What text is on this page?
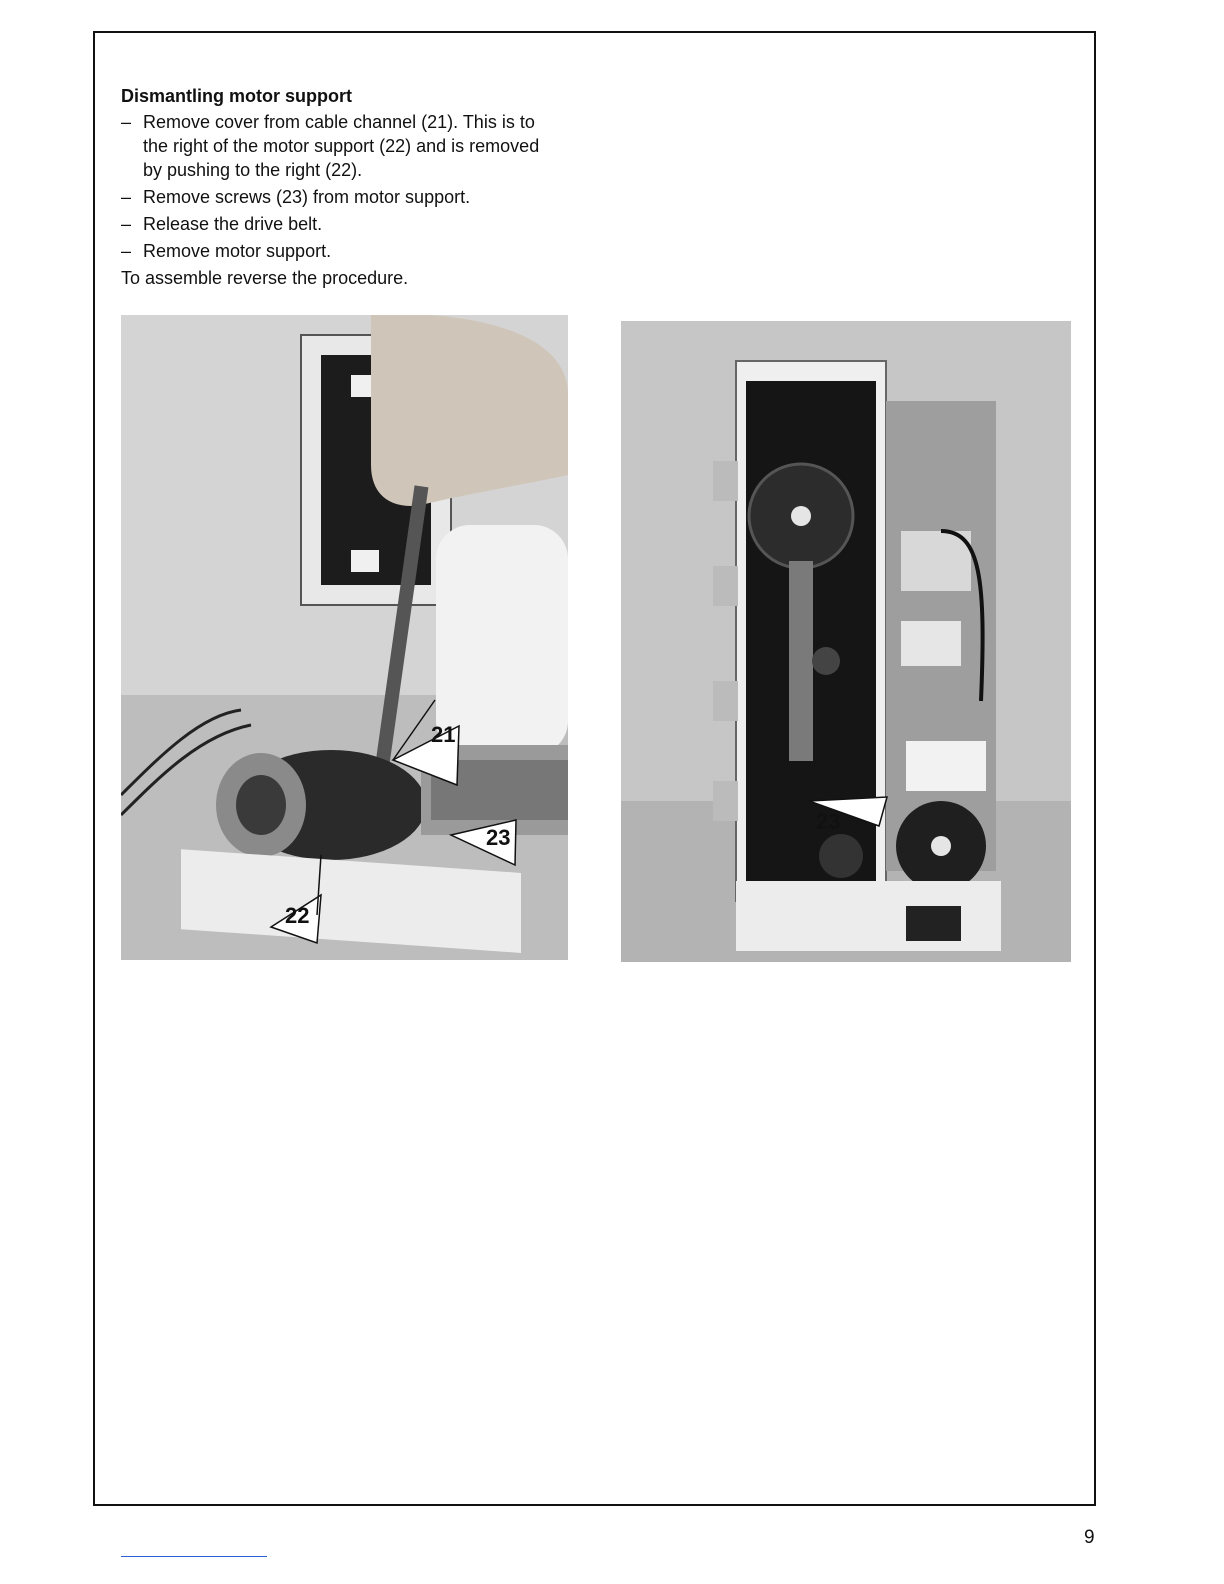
Dismantling motor support

– Remove cover from cable channel (21). This is to the right of the motor support (22) and is removed by pushing to the right (22).
– Remove screws (23) from motor support.
– Release the drive belt.
– Remove motor support.

To assemble reverse the procedure.

21
23
22
23
9
